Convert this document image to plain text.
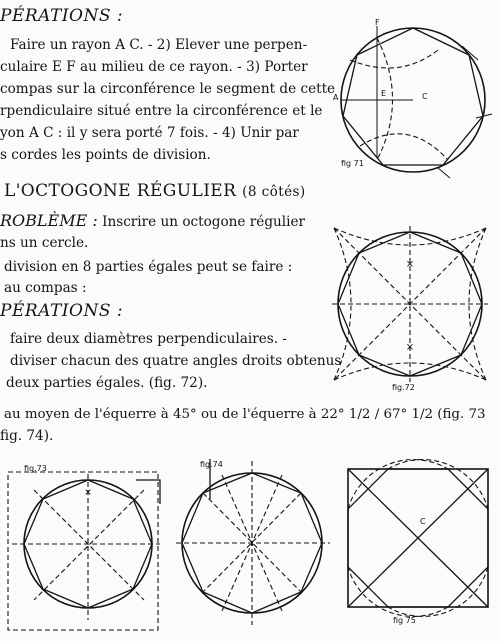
PÉRATIONS :
Faire un rayon A C. - 2) Elever une perpen-
culaire E F au milieu de ce rayon. - 3) Porter
compas sur la circonférence le segment de cette
rpendiculaire situé entre la circonférence et le
yon A C : il y sera porté 7 fois. - 4) Unir par
s cordes les points de division.
L'OCTOGONE RÉGULIER (8 côtés)
ROBLÈME : Inscrire un octogone régulier
ns un cercle.
division en 8 parties égales peut se faire :
au compas :
PÉRATIONS :
faire deux diamètres perpendiculaires. -
diviser chacun des quatre angles droits obtenus
deux parties égales. (fig. 72).
au moyen de l'équerre à 45° ou de l'équerre à 22° 1/2 / 67° 1/2 (fig. 73
fig. 74).
F
E
A	C
fig 71
×
×
fig.72
×
fig.73	fig.74
C
fig 75
